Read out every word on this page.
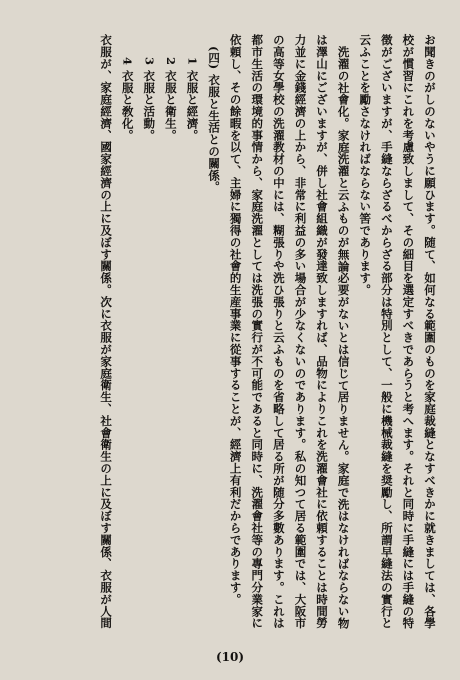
お聞きのがしのないやうに願ひます。随て、如何なる範圍のものを家庭裁縫となすべきかに就きましては、各學
校が慣習にこれを考慮致しまして、その細目を選定すべきであらうと考へます。それと同時に手縫には手縫の特
徴がございますが、手縫ならざるべからざる部分は特別として、一般に機械裁縫を奨勵し、所謂早縫法の實行と
云ふことを勵さなければならない筈であります。
洗濯の社會化。家庭洗濯と云ふものが無論必要がないとは信じて居りません。家庭で洗はなければならない物
は澤山にございますが、併し社會組織が發達致しますれば、品物によりこれを洗濯會社に依頼することは時間勞
力並に金錢經濟の上から、非常に利益の多い場合が少なくないのであります。私の知つて居る範圍では、大阪市
の高等女學校の洗濯教材の中には、糊張りや洗ひ張りと云ふものを省略して居る所が随分多數あります。これは
都市生活の環境的事情から、家庭洗濯としては洗張の實行が不可能であると同時に、洗濯會社等の專門分業家に
依頼し、その餘暇を以て、主婦に獨得の社會的生産事業に從事することが、經濟上有利だからであります。
(四) 衣服と生活との關係。
1 衣服と經濟。
2 衣服と衛生。
3 衣服と活動。
4 衣服と敎化。
衣服が、家庭經濟、國家經濟の上に及ぼす關係。次に衣服が家庭衛生、社會衛生の上に及ぼす關係、衣服が人間
(10)
